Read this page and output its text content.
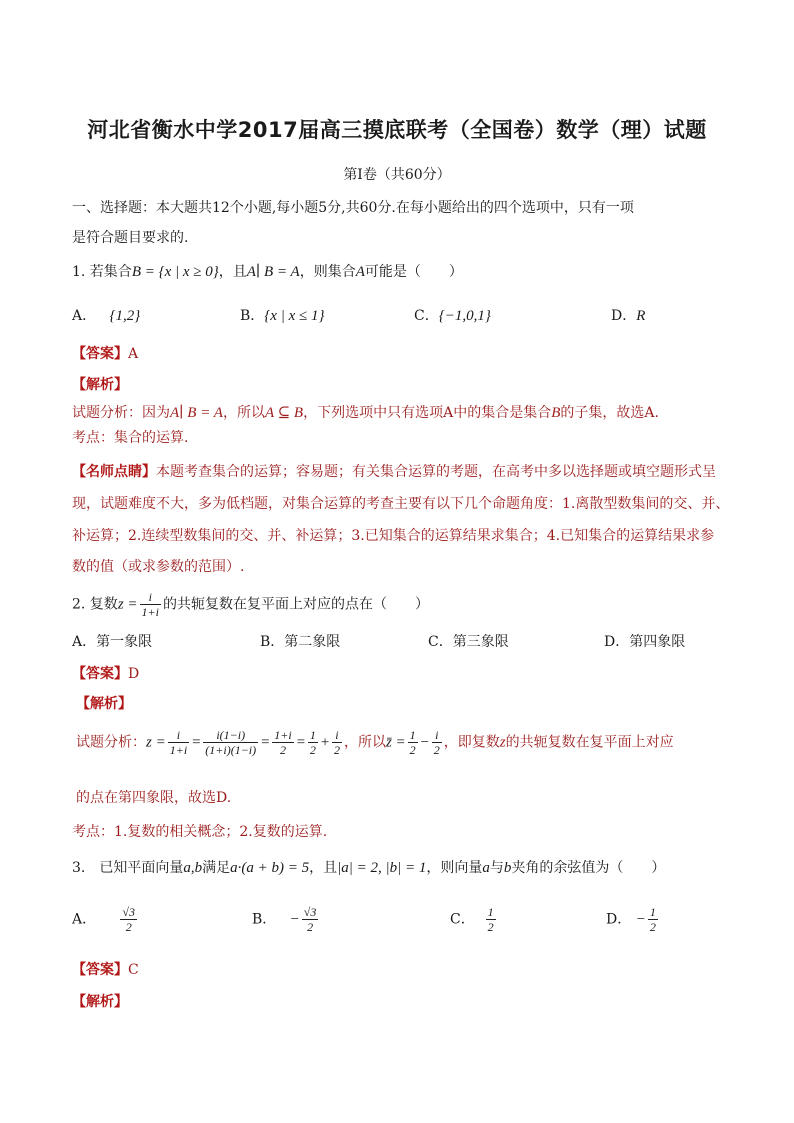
河北省衡水中学2017届高三摸底联考（全国卷）数学（理）试题
第Ⅰ卷（共60分）
一、选择题：本大题共12个小题,每小题5分,共60分.在每小题给出的四个选项中，只有一项
是符合题目要求的.
1. 若集合B = {x | x ≥ 0}，且A∣ B = A，则集合A可能是（　　）
A． {1,2}	B．{x | x ≤ 1}	C．{−1,0,1}	D．R
【答案】A
【解析】
试题分析：因为A∣ B = A，所以A ⊆ B，下列选项中只有选项A中的集合是集合B的子集，故选A.
考点：集合的运算.
【名师点睛】本题考查集合的运算；容易题；有关集合运算的考题，在高考中多以选择题或填空题形式呈
现，试题难度不大，多为低档题，对集合运算的考查主要有以下几个命题角度：1.离散型数集间的交、并、
补运算；2.连续型数集间的交、并、补运算；3.已知集合的运算结果求集合；4.已知集合的运算结果求参
数的值（或求参数的范围）.
2. 复数$z = \frac{i}{1+i}$ 的共轭复数在复平面上对应的点在（　　）
A．第一象限	B．第二象限	C．第三象限	D．第四象限
【答案】D
【解析】
试题分析：$z = \frac{i}{1+i} = \frac{i(1-i)}{(1+i)(1-i)} = \frac{1+i}{2} = \frac{1}{2} + \frac{i}{2}$ ，所以z̄ = $\frac{1}{2} - \frac{i}{2}$ ，即复数z的共轭复数在复平面上对应
的点在第四象限，故选D.
考点：1.复数的相关概念；2.复数的运算.
3.　已知平面向量a,b满足a·(a + b) = 5，且|a| = 2, |b| = 1，则向量a与b夹角的余弦值为（　　）
A． $\frac{√3}{2}$	B． − $\frac{√3}{2}$	C． $\frac{1}{2}$	D． − $\frac{1}{2}$
【答案】C
【解析】
